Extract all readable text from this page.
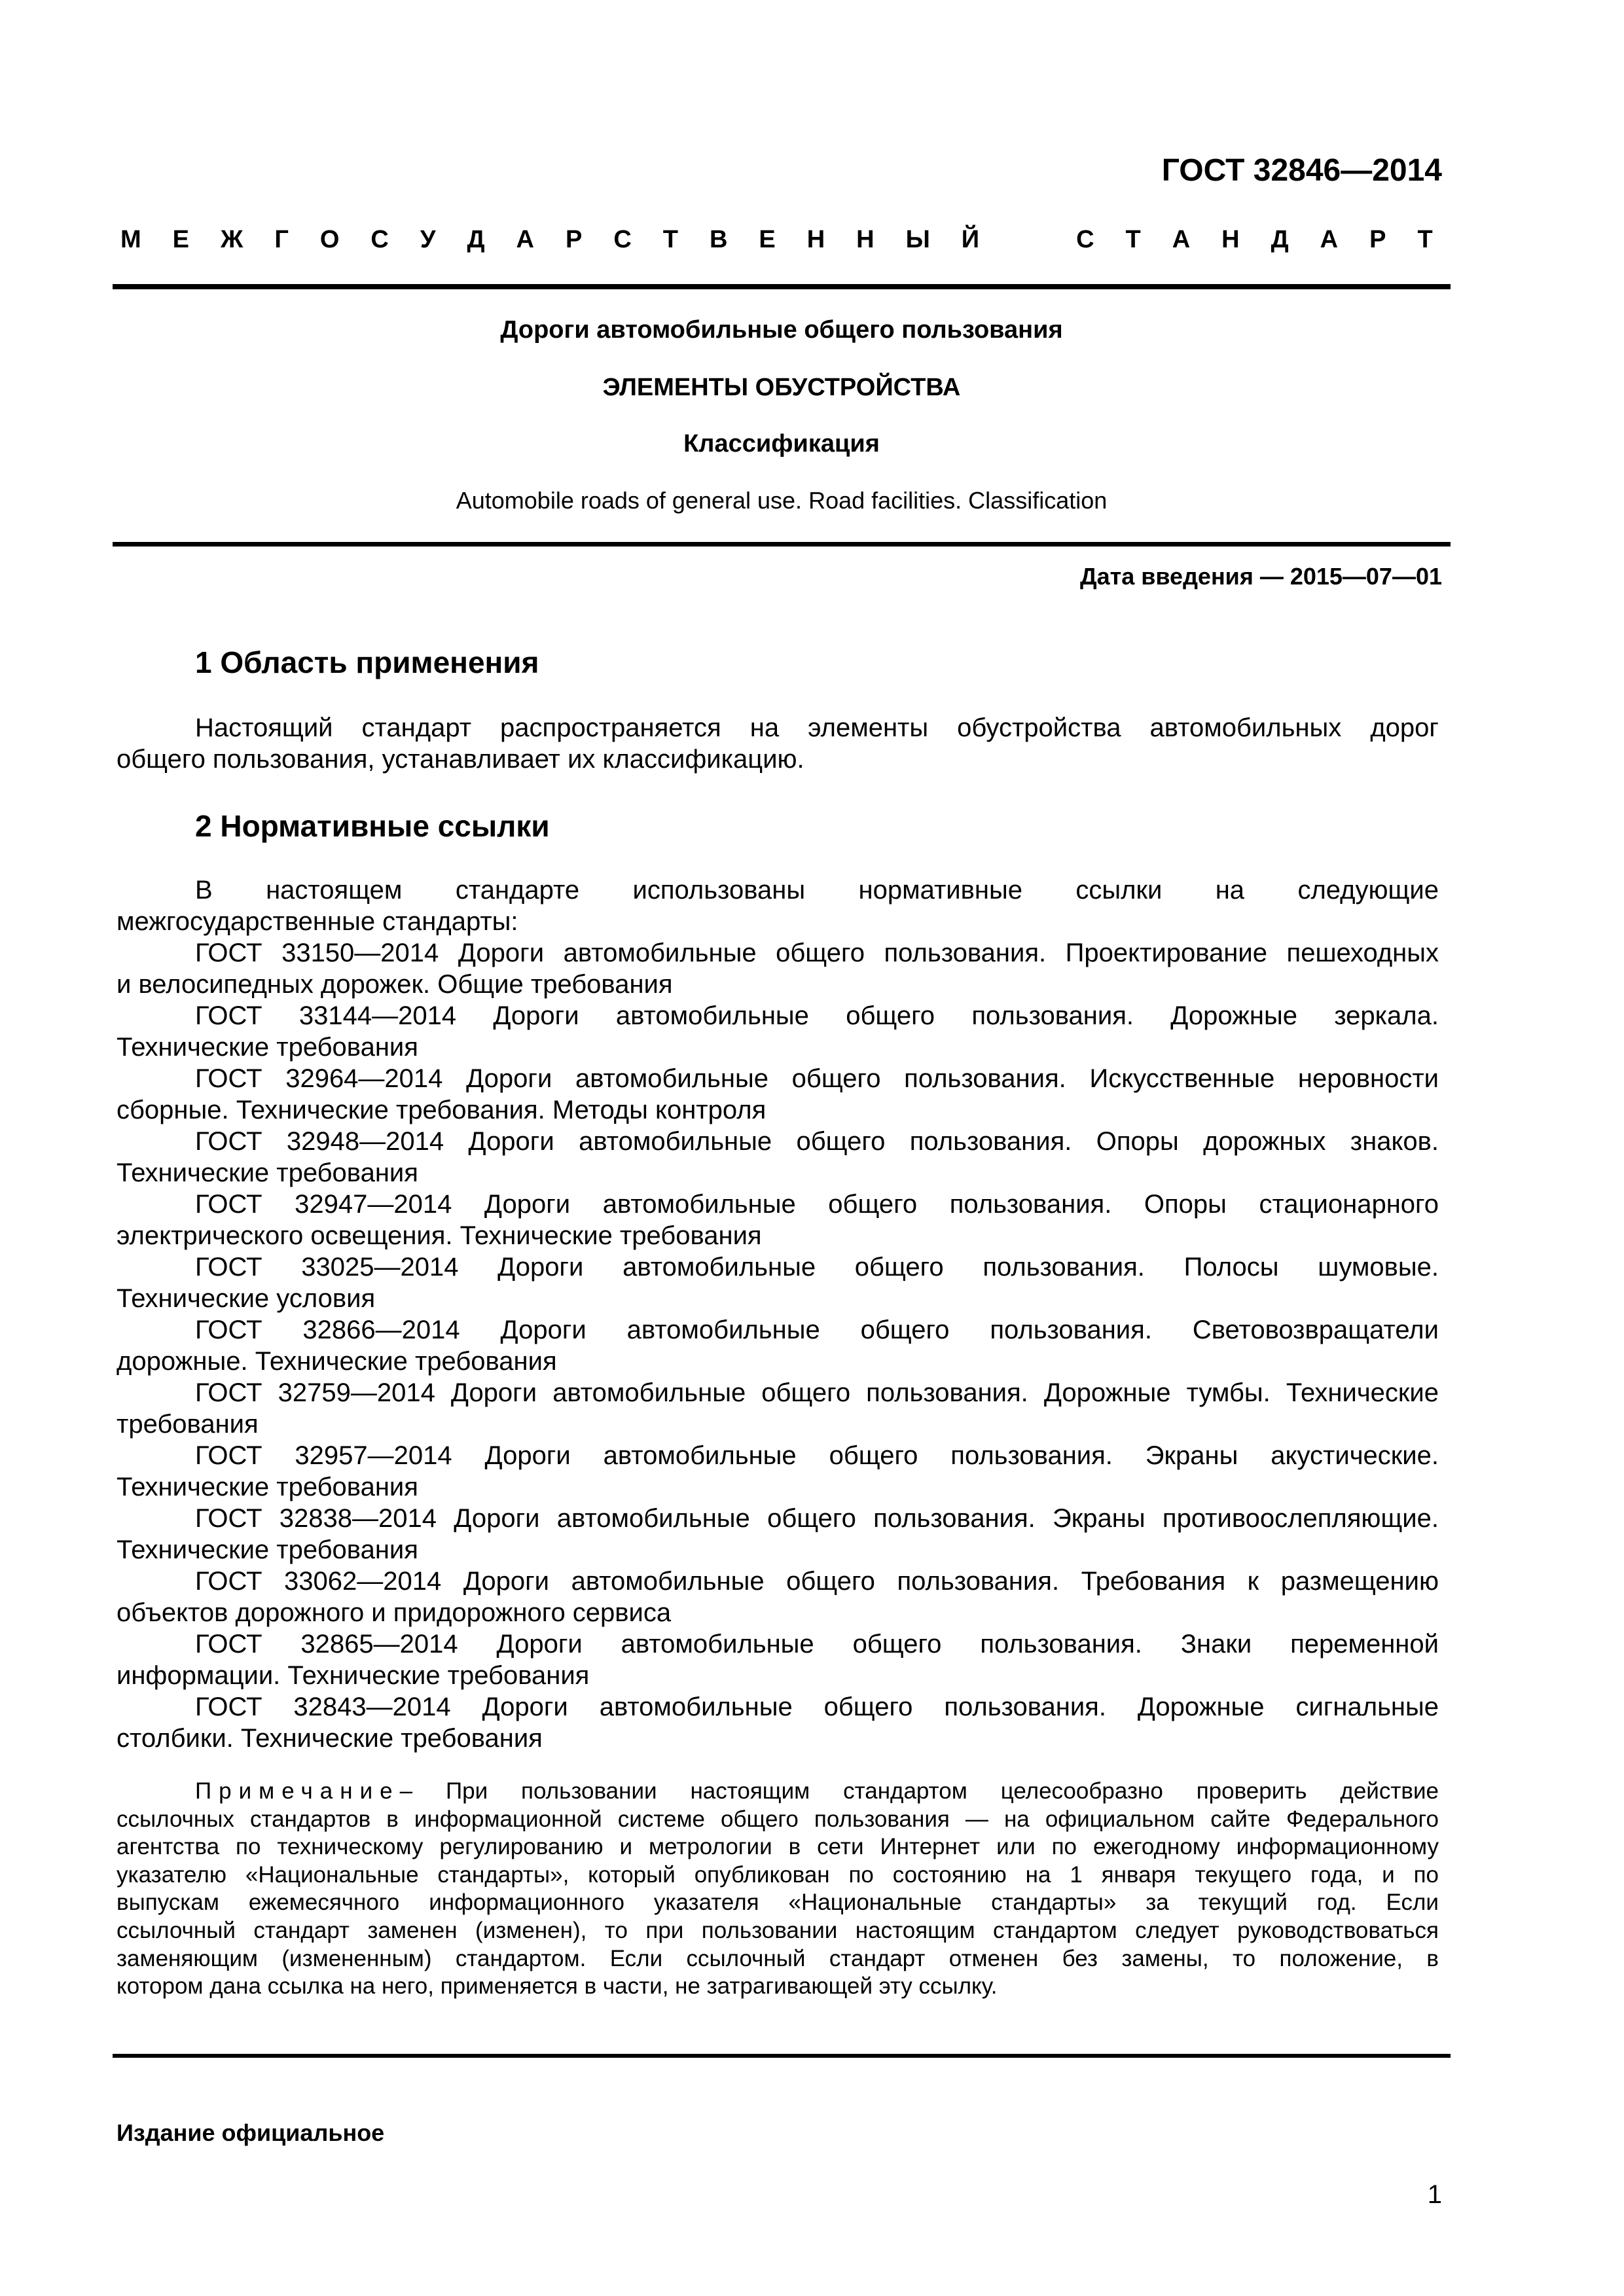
ГОСТ 32846—2014
М Е Ж Г О С У Д А Р С Т В Е Н Н Ы Й	С Т А Н Д А Р Т
Дороги автомобильные общего пользования
ЭЛЕМЕНТЫ ОБУСТРОЙСТВА
Классификация
Automobile roads of general use. Road facilities. Classification
Дата введения — 2015—07—01
1 Область применения
Настоящий стандарт распространяется на элементы обустройства автомобильных дорог
общего пользования, устанавливает их классификацию.
2 Нормативные ссылки
В настоящем стандарте использованы нормативные ссылки на следующие
межгосударственные стандарты:
ГОСТ 33150—2014 Дороги автомобильные общего пользования. Проектирование пешеходных
и велосипедных дорожек. Общие требования
ГОСТ 33144—2014 Дороги автомобильные общего пользования. Дорожные зеркала.
Технические требования
ГОСТ 32964—2014 Дороги автомобильные общего пользования. Искусственные неровности
сборные. Технические требования. Методы контроля
ГОСТ 32948—2014 Дороги автомобильные общего пользования. Опоры дорожных знаков.
Технические требования
ГОСТ 32947—2014 Дороги автомобильные общего пользования. Опоры стационарного
электрического освещения. Технические требования
ГОСТ 33025—2014 Дороги автомобильные общего пользования. Полосы шумовые.
Технические условия
ГОСТ 32866—2014 Дороги автомобильные общего пользования. Световозвращатели
дорожные. Технические требования
ГОСТ 32759—2014 Дороги автомобильные общего пользования. Дорожные тумбы. Технические
требования
ГОСТ 32957—2014 Дороги автомобильные общего пользования. Экраны акустические.
Технические требования
ГОСТ 32838—2014 Дороги автомобильные общего пользования. Экраны противоослепляющие.
Технические требования
ГОСТ 33062—2014 Дороги автомобильные общего пользования. Требования к размещению
объектов дорожного и придорожного сервиса
ГОСТ 32865—2014 Дороги автомобильные общего пользования. Знаки переменной
информации. Технические требования
ГОСТ 32843—2014 Дороги автомобильные общего пользования. Дорожные сигнальные
столбики. Технические требования
Примечание– При пользовании настоящим стандартом целесообразно проверить действие
ссылочных стандартов в информационной системе общего пользования — на официальном сайте Федерального
агентства по техническому регулированию и метрологии в сети Интернет или по ежегодному информационному
указателю «Национальные стандарты», который опубликован по состоянию на 1 января текущего года, и по
выпускам ежемесячного информационного указателя «Национальные стандарты» за текущий год. Если
ссылочный стандарт заменен (изменен), то при пользовании настоящим стандартом следует руководствоваться
заменяющим (измененным) стандартом. Если ссылочный стандарт отменен без замены, то положение, в
котором дана ссылка на него, применяется в части, не затрагивающей эту ссылку.
Издание официальное
1
